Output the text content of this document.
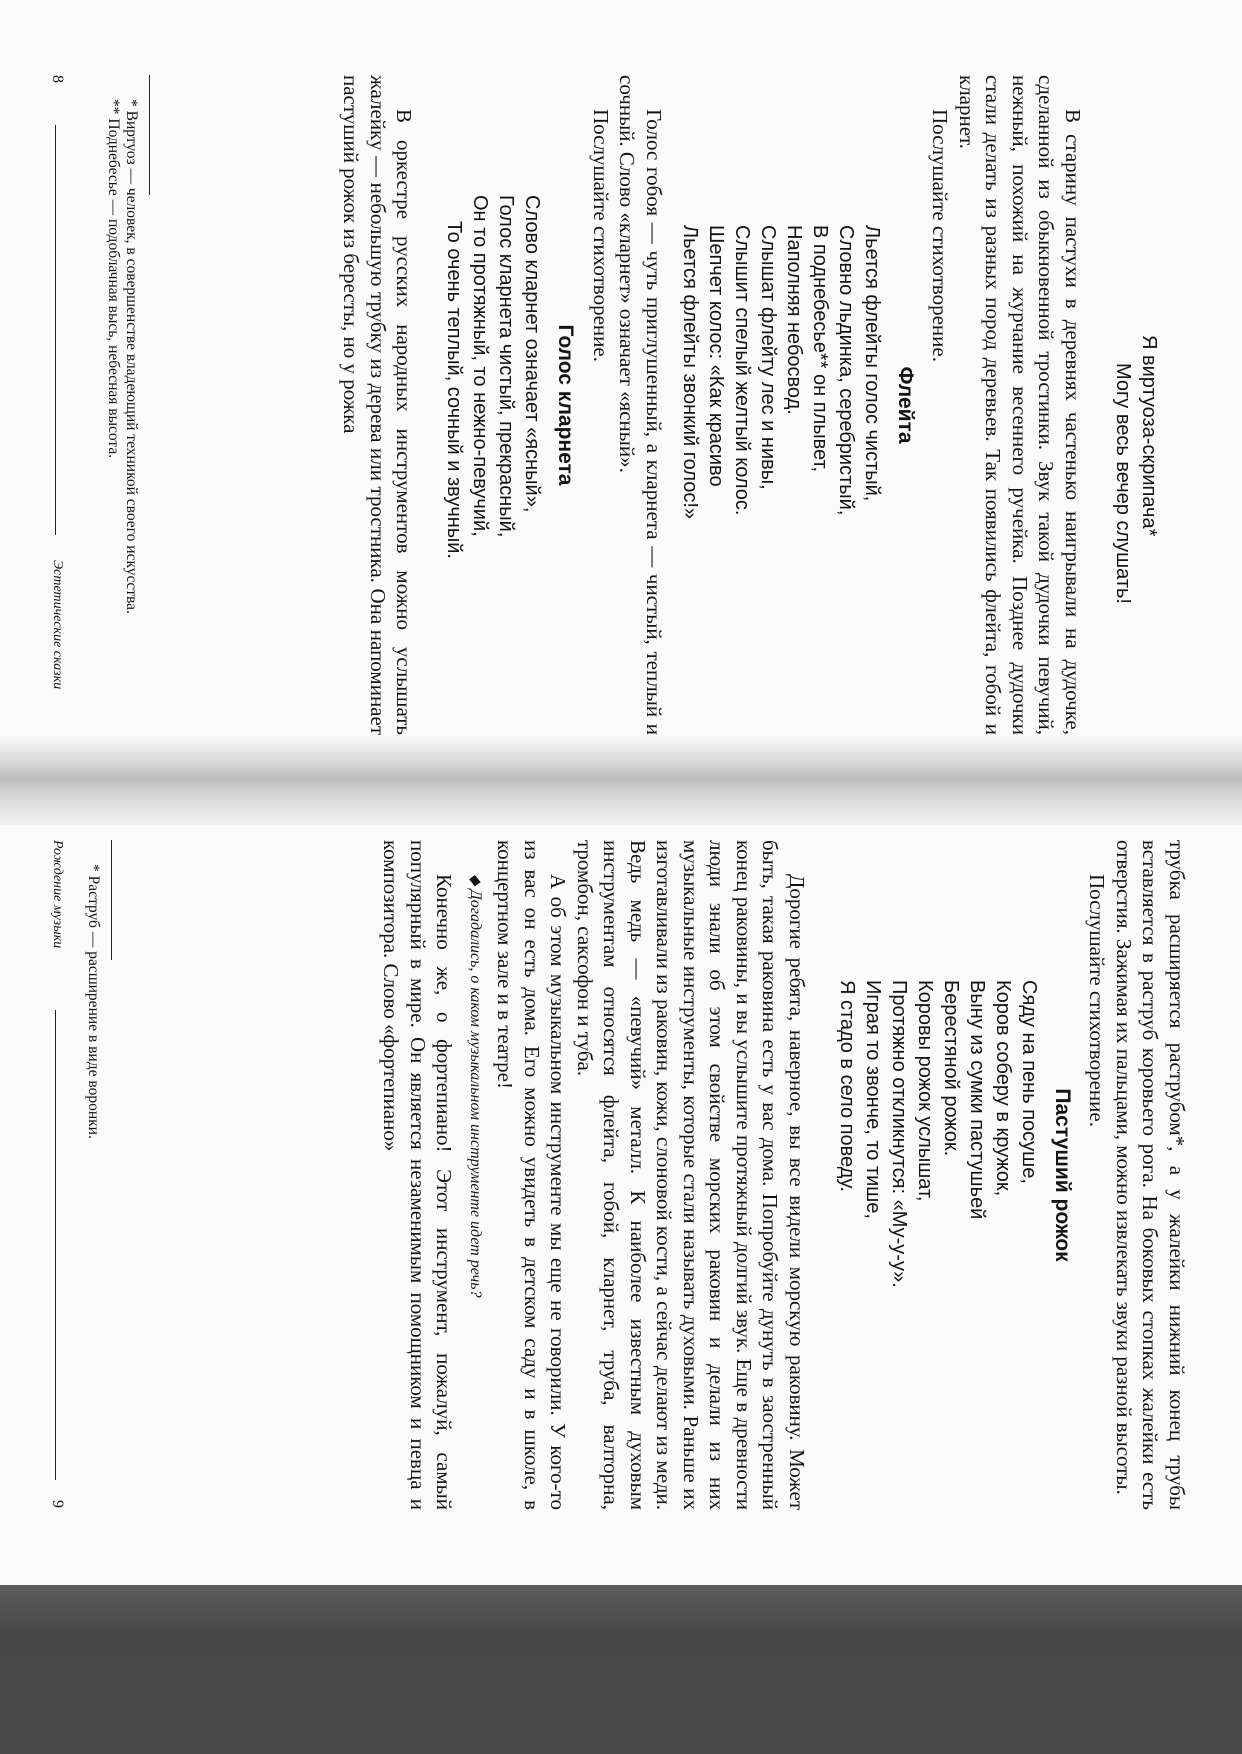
Я виртуоза-скрипача*
Могу весь вечер слушать!

В старину пастухи в деревнях частенько наигрывали на дудочке, сделанной из обыкновенной тростинки. Звук такой дудочки певучий, нежный, похожий на журчание весеннего ручейка. Позднее дудочки стали делать из разных пород деревьев. Так появились флейта, гобой и кларнет.

Послушайте стихотворение.

Флейта
Льется флейты голос чистый,
Словно льдинка, серебристый,
В поднебесье** он плывет,
Наполняя небосвод.
Слышат флейту лес и нивы,
Слышит спелый желтый колос.
Шепчет колос: «Как красиво
Льется флейты звонкий голос!»

Голос гобоя — чуть приглушенный, а кларнета — чистый, теплый и сочный. Слово «кларнет» означает «ясный».

Послушайте стихотворение.

Голос кларнета
Слово кларнет означает «ясный»,
Голос кларнета чистый, прекрасный,
Он то протяжный, то нежно-певучий,
То очень теплый, сочный и звучный.

В оркестре русских народных инструментов можно услышать жалейку — небольшую трубку из дерева или тростника. Она напоминает пастуший рожок из бересты, но у рожка

* Виртуоз — человек, в совершенстве владеющий техникой своего искусства.
** Поднебесье — подоблачная высь, небесная высота.
8
Эстетические сказки

трубка расширяется раструбом*, а у жалейки нижний конец трубы вставляется в раструб коровьего рога. На боковых стопках жалейки есть отверстия. Зажимая их пальцами, можно извлекать звуки разной высоты.

Послушайте стихотворение.

Пастуший рожок
Сяду на пень посуше,
Коров соберу в кружок,
Выну из сумки пастушьей
Берестяной рожок.
Коровы рожок услышат,
Протяжно откликнутся: «Му-у-у».
Играя то звонче, то тише,
Я стадо в село поведу.

Дорогие ребята, наверное, вы все видели морскую раковину. Может быть, такая раковина есть у вас дома. Попробуйте дунуть в заостренный конец раковины, и вы услышите протяжный долгий звук. Еще в древности люди знали об этом свойстве морских раковин и делали из них музыкальные инструменты, которые стали называть духовыми. Раньше их изготавливали из раковин, кожи, слоновой кости, а сейчас делают из меди. Ведь медь — «певучий» металл. К наиболее известным духовым инструментам относятся флейта, гобой, кларнет, труба, валторна, тромбон, саксофон и туба.

А об этом музыкальном инструменте мы еще не говорили. У кого-то из вас он есть дома. Его можно увидеть в детском саду и в школе, в концертном зале и в театре!

◆ Догадались, о каком музыкальном инструменте идет речь?

Конечно же, о фортепиано! Этот инструмент, пожалуй, самый популярный в мире. Он является незаменимым помощником и певца и композитора. Слово «фортепиано»

* Раструб — расширение в виде воронки.
Рождение музыки
9
